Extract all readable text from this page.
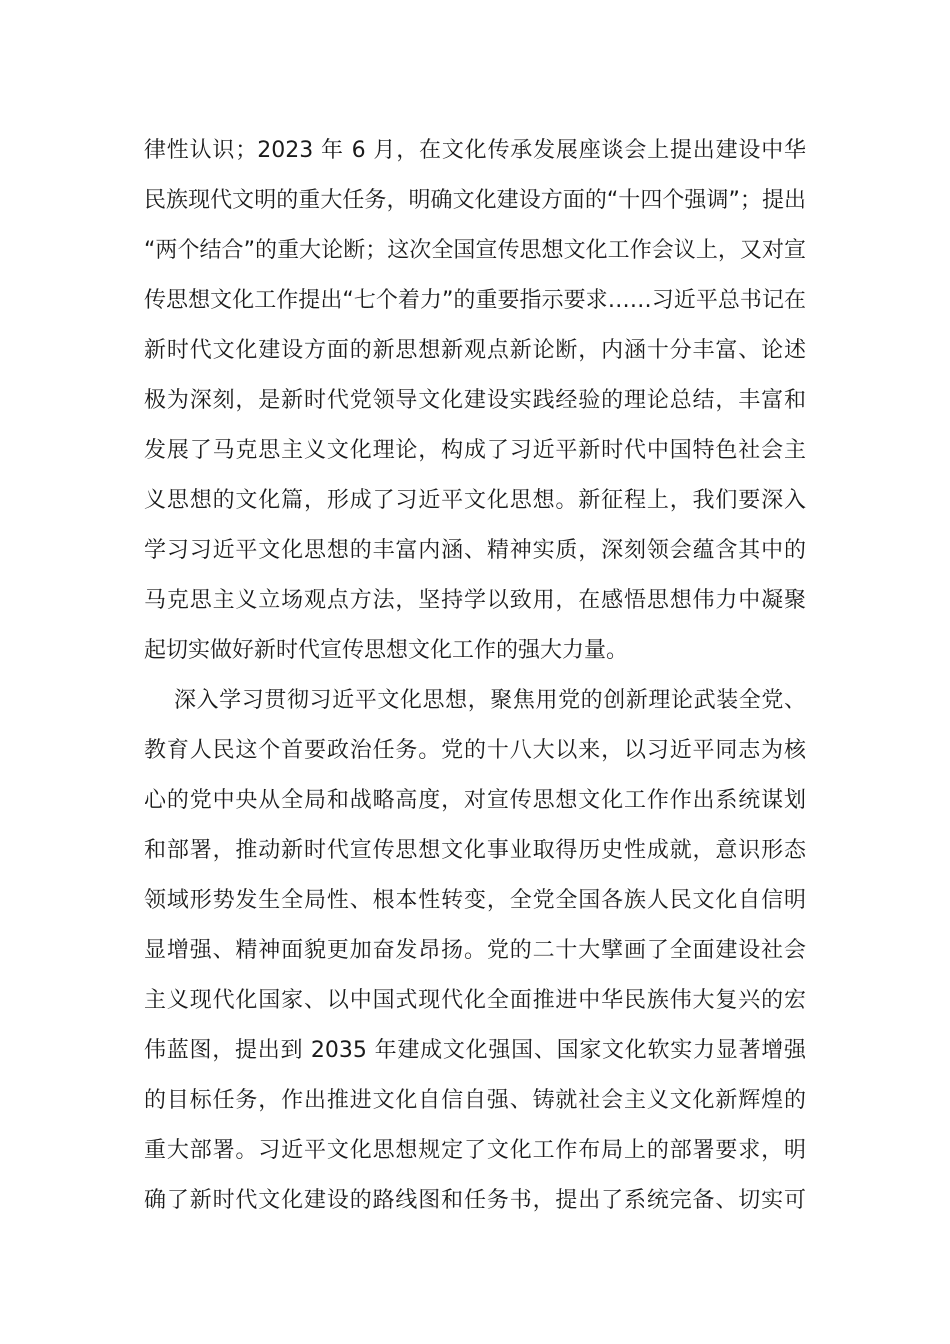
律性认识；2023 年 6 月，在文化传承发展座谈会上提出建设中华
民族现代文明的重大任务，明确文化建设方面的“十四个强调”；提出
“两个结合”的重大论断；这次全国宣传思想文化工作会议上，又对宣
传思想文化工作提出“七个着力”的重要指示要求……习近平总书记在
新时代文化建设方面的新思想新观点新论断，内涵十分丰富、论述
极为深刻，是新时代党领导文化建设实践经验的理论总结，丰富和
发展了马克思主义文化理论，构成了习近平新时代中国特色社会主
义思想的文化篇，形成了习近平文化思想。新征程上，我们要深入
学习习近平文化思想的丰富内涵、精神实质，深刻领会蕴含其中的
马克思主义立场观点方法，坚持学以致用，在感悟思想伟力中凝聚
起切实做好新时代宣传思想文化工作的强大力量。
深入学习贯彻习近平文化思想，聚焦用党的创新理论武装全党、
教育人民这个首要政治任务。党的十八大以来，以习近平同志为核
心的党中央从全局和战略高度，对宣传思想文化工作作出系统谋划
和部署，推动新时代宣传思想文化事业取得历史性成就，意识形态
领域形势发生全局性、根本性转变，全党全国各族人民文化自信明
显增强、精神面貌更加奋发昂扬。党的二十大擘画了全面建设社会
主义现代化国家、以中国式现代化全面推进中华民族伟大复兴的宏
伟蓝图，提出到 2035 年建成文化强国、国家文化软实力显著增强
的目标任务，作出推进文化自信自强、铸就社会主义文化新辉煌的
重大部署。习近平文化思想规定了文化工作布局上的部署要求，明
确了新时代文化建设的路线图和任务书，提出了系统完备、切实可
